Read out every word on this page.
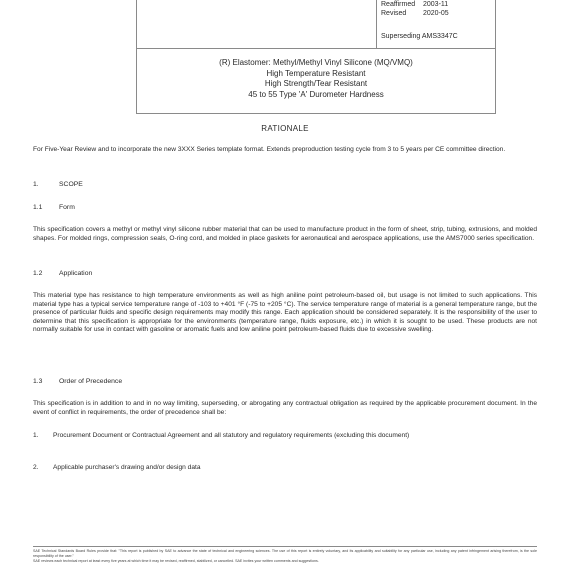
Reaffirmed 2003-11
Revised 2020-05
Superseding AMS3347C
(R) Elastomer: Methyl/Methyl Vinyl Silicone (MQ/VMQ)
High Temperature Resistant
High Strength/Tear Resistant
45 to 55 Type 'A' Durometer Hardness
RATIONALE
For Five-Year Review and to incorporate the new 3XXX Series template format. Extends preproduction testing cycle from 3 to 5 years per CE committee direction.
1.	SCOPE
1.1 Form
This specification covers a methyl or methyl vinyl silicone rubber material that can be used to manufacture product in the form of sheet, strip, tubing, extrusions, and molded shapes. For molded rings, compression seals, O-ring cord, and molded in place gaskets for aeronautical and aerospace applications, use the AMS7000 series specification.
1.2 Application
This material type has resistance to high temperature environments as well as high aniline point petroleum-based oil, but usage is not limited to such applications. This material type has a typical service temperature range of -103 to +401 °F (-75 to +205 °C). The service temperature range of material is a general temperature range, but the presence of particular fluids and specific design requirements may modify this range. Each application should be considered separately. It is the responsibility of the user to determine that this specification is appropriate for the environments (temperature range, fluids exposure, etc.) in which it is sought to be used. These products are not normally suitable for use in contact with gasoline or aromatic fuels and low aniline point petroleum-based fluids due to excessive swelling.
1.3 Order of Precedence
This specification is in addition to and in no way limiting, superseding, or abrogating any contractual obligation as required by the applicable procurement document. In the event of conflict in requirements, the order of precedence shall be:
1. Procurement Document or Contractual Agreement and all statutory and regulatory requirements (excluding this document)
2. Applicable purchaser's drawing and/or design data
SAE Technical Standards Board Rules provide that: "This report is published by SAE to advance the state of technical and engineering sciences. The use of this report is entirely voluntary, and its applicability and suitability for any particular use, including any patent infringement arising therefrom, is the sole responsibility of the user."
SAE reviews each technical report at least every five years at which time it may be revised, reaffirmed, stabilized, or cancelled. SAE invites your written comments and suggestions.
